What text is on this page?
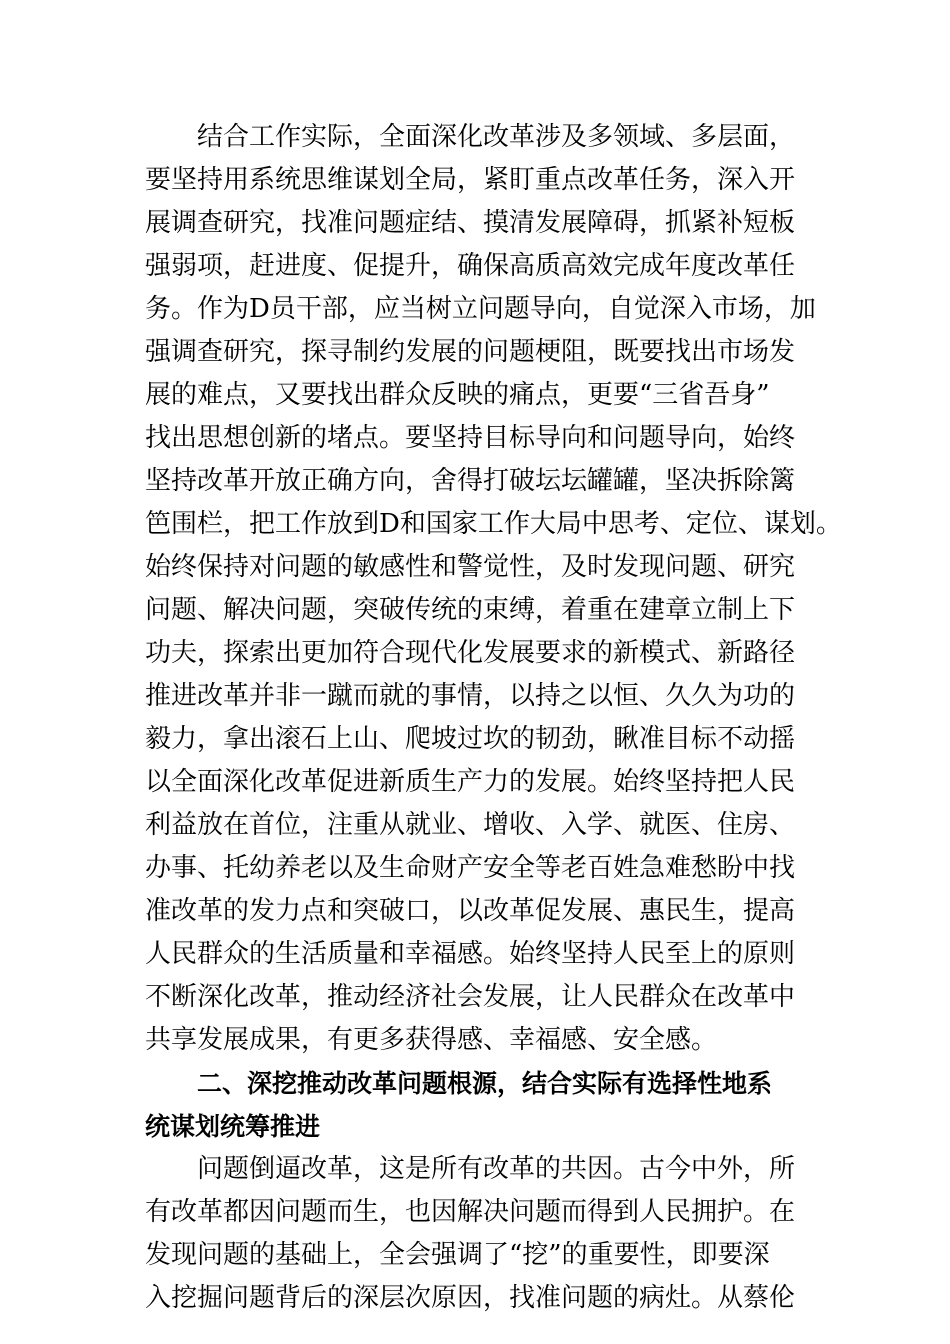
结合工作实际，全面深化改革涉及多领域、多层面，
要坚持用系统思维谋划全局，紧盯重点改革任务，深入开
展调查研究，找准问题症结、摸清发展障碍，抓紧补短板
强弱项，赶进度、促提升，确保高质高效完成年度改革任
务。作为D员干部，应当树立问题导向，自觉深入市场，加
强调查研究，探寻制约发展的问题梗阻，既要找出市场发
展的难点，又要找出群众反映的痛点，更要“三省吾身”
找出思想创新的堵点。要坚持目标导向和问题导向，始终
坚持改革开放正确方向，舍得打破坛坛罐罐，坚决拆除篱
笆围栏，把工作放到D和国家工作大局中思考、定位、谋划。
始终保持对问题的敏感性和警觉性，及时发现问题、研究
问题、解决问题，突破传统的束缚，着重在建章立制上下
功夫，探索出更加符合现代化发展要求的新模式、新路径
推进改革并非一蹴而就的事情，以持之以恒、久久为功的
毅力，拿出滚石上山、爬坡过坎的韧劲，瞅准目标不动摇
以全面深化改革促进新质生产力的发展。始终坚持把人民
利益放在首位，注重从就业、增收、入学、就医、住房、
办事、托幼养老以及生命财产安全等老百姓急难愁盼中找
准改革的发力点和突破口，以改革促发展、惠民生，提高
人民群众的生活质量和幸福感。始终坚持人民至上的原则
不断深化改革，推动经济社会发展，让人民群众在改革中
共享发展成果，有更多获得感、幸福感、安全感。
二、深挖推动改革问题根源，结合实际有选择性地系
统谋划统筹推进
问题倒逼改革，这是所有改革的共因。古今中外，所
有改革都因问题而生，也因解决问题而得到人民拥护。在
发现问题的基础上，全会强调了“挖”的重要性，即要深
入挖掘问题背后的深层次原因，找准问题的病灶。从蔡伦
